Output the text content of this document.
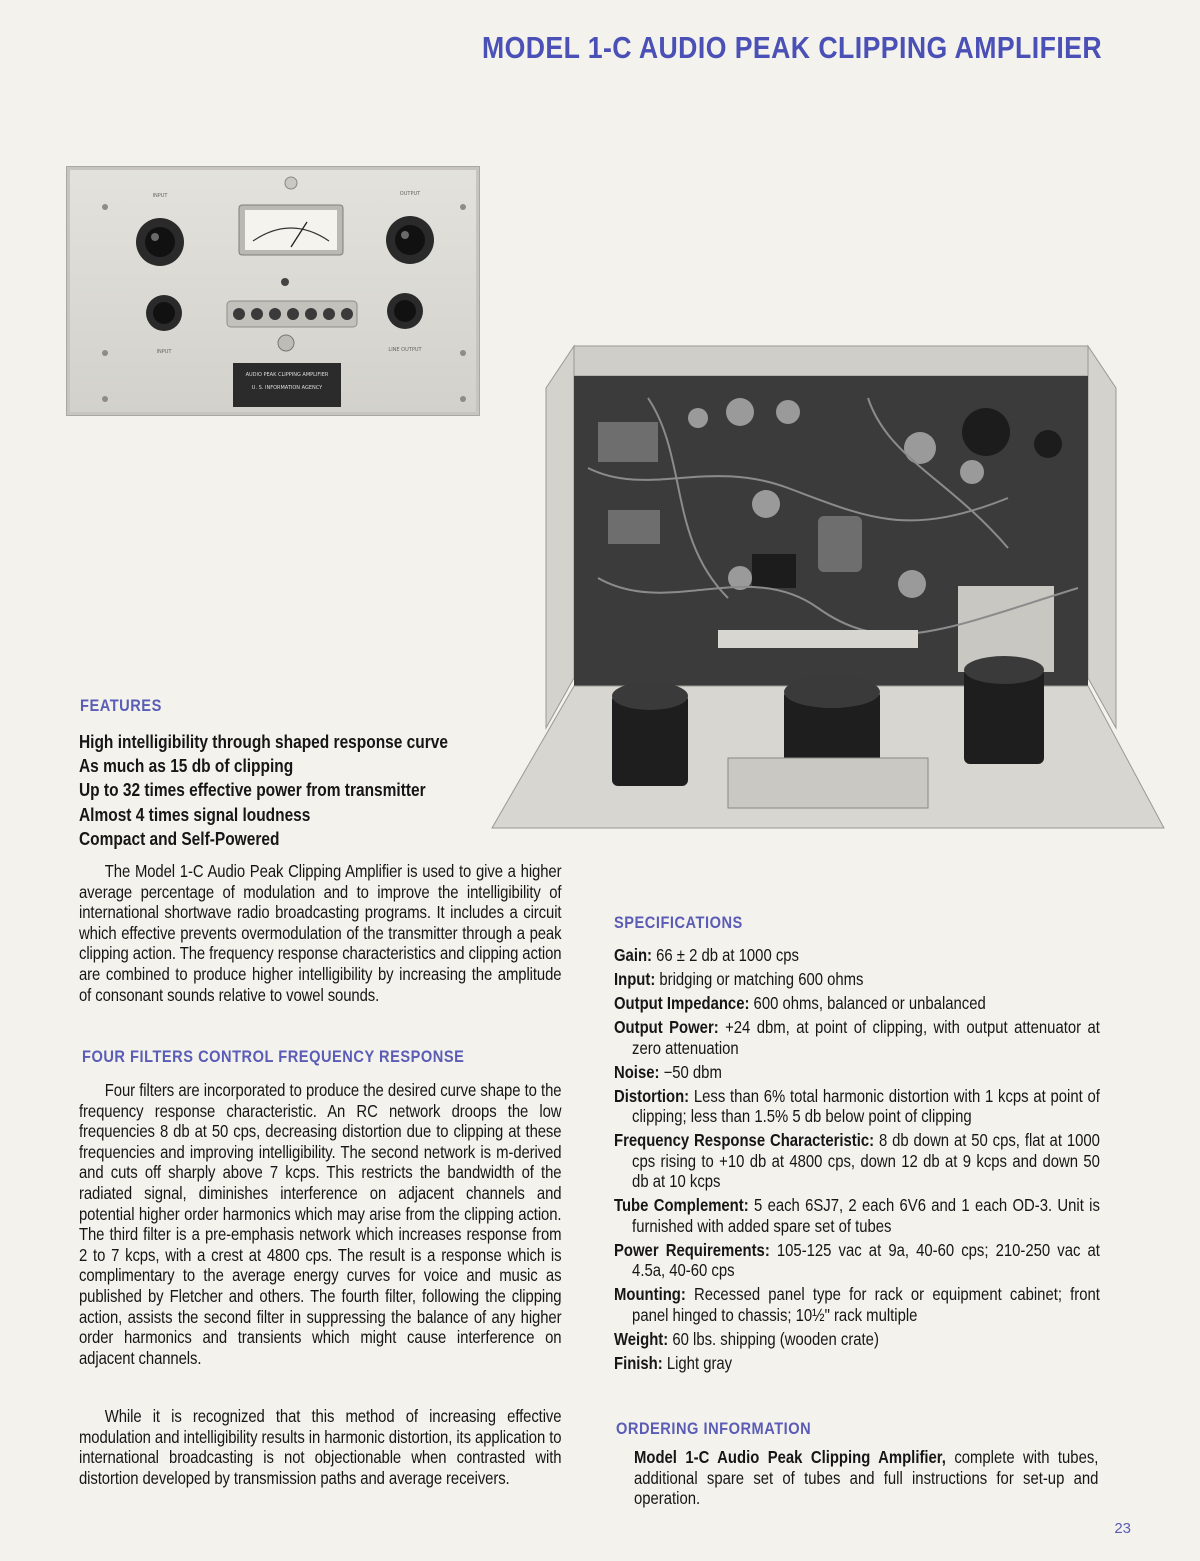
MODEL 1-C AUDIO PEAK CLIPPING AMPLIFIER
AUDIO PEAK CLIPPING AMPLIFIER
U. S. INFORMATION AGENCY
INPUT	OUTPUT
INPUT	LINE OUTPUT
FEATURES
High intelligibility through shaped response curve
As much as 15 db of clipping
Up to 32 times effective power from transmitter
Almost 4 times signal loudness
Compact and Self-Powered

The Model 1-C Audio Peak Clipping Amplifier is used to give a higher average percentage of modulation and to improve the intelligibility of international shortwave radio broadcasting programs. It includes a circuit which effective prevents overmodulation of the transmitter through a peak clipping action. The frequency response characteristics and clipping action are combined to produce higher intelligibility by increasing the amplitude of consonant sounds relative to vowel sounds.

FOUR FILTERS CONTROL FREQUENCY RESPONSE

Four filters are incorporated to produce the desired curve shape to the frequency response characteristic. An RC network droops the low frequencies 8 db at 50 cps, decreasing distortion due to clipping at these frequencies and improving intelligibility. The second network is m-derived and cuts off sharply above 7 kcps. This restricts the bandwidth of the radiated signal, diminishes interference on adjacent channels and potential higher order harmonics which may arise from the clipping action. The third filter is a pre-emphasis network which increases response from 2 to 7 kcps, with a crest at 4800 cps. The result is a response which is complimentary to the average energy curves for voice and music as published by Fletcher and others. The fourth filter, following the clipping action, assists the second filter in suppressing the balance of any higher order harmonics and transients which might cause interference on adjacent channels.

While it is recognized that this method of increasing effective modulation and intelligibility results in harmonic distortion, its application to international broadcasting is not objectionable when contrasted with distortion developed by transmission paths and average receivers.

SPECIFICATIONS
Gain: 66 ± 2 db at 1000 cps
Input: bridging or matching 600 ohms
Output Impedance: 600 ohms, balanced or unbalanced
Output Power: +24 dbm, at point of clipping, with output attenuator at zero attenuation
Noise: −50 dbm
Distortion: Less than 6% total harmonic distortion with 1 kcps at point of clipping; less than 1.5% 5 db below point of clipping
Frequency Response Characteristic: 8 db down at 50 cps, flat at 1000 cps rising to +10 db at 4800 cps, down 12 db at 9 kcps and down 50 db at 10 kcps
Tube Complement: 5 each 6SJ7, 2 each 6V6 and 1 each OD-3. Unit is furnished with added spare set of tubes
Power Requirements: 105-125 vac at 9a, 40-60 cps; 210-250 vac at 4.5a, 40-60 cps
Mounting: Recessed panel type for rack or equipment cabinet; front panel hinged to chassis; 10½" rack multiple
Weight: 60 lbs. shipping (wooden crate)
Finish: Light gray
ORDERING INFORMATION

Model 1-C Audio Peak Clipping Amplifier, complete with tubes, additional spare set of tubes and full instructions for set-up and operation.

23
